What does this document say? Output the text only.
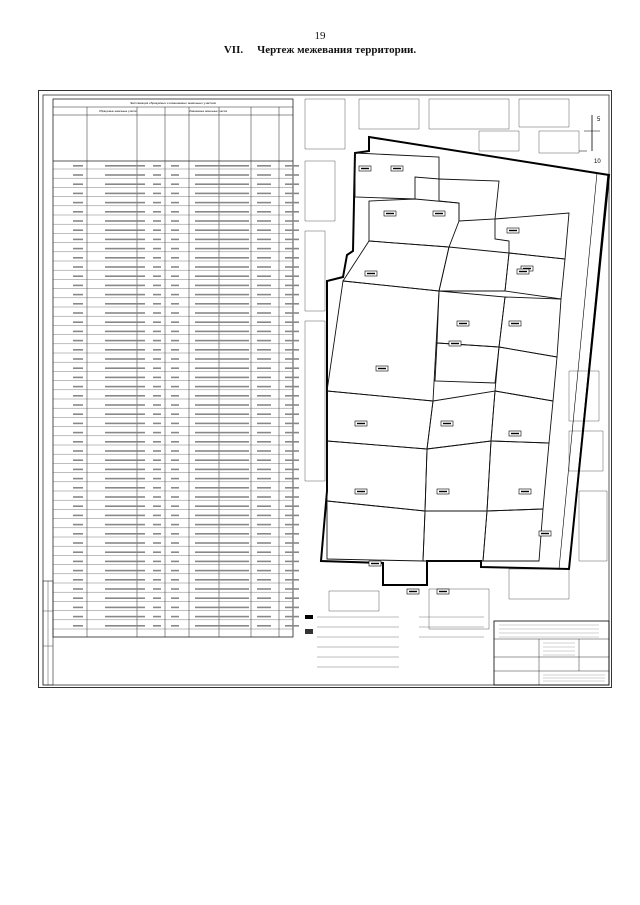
19
VII. Чертеж межевания территории.
Экспликация образуемых и изменяемых земельных участков
Образуемые земельные участки	Изменяемые земельные участки
5
10
